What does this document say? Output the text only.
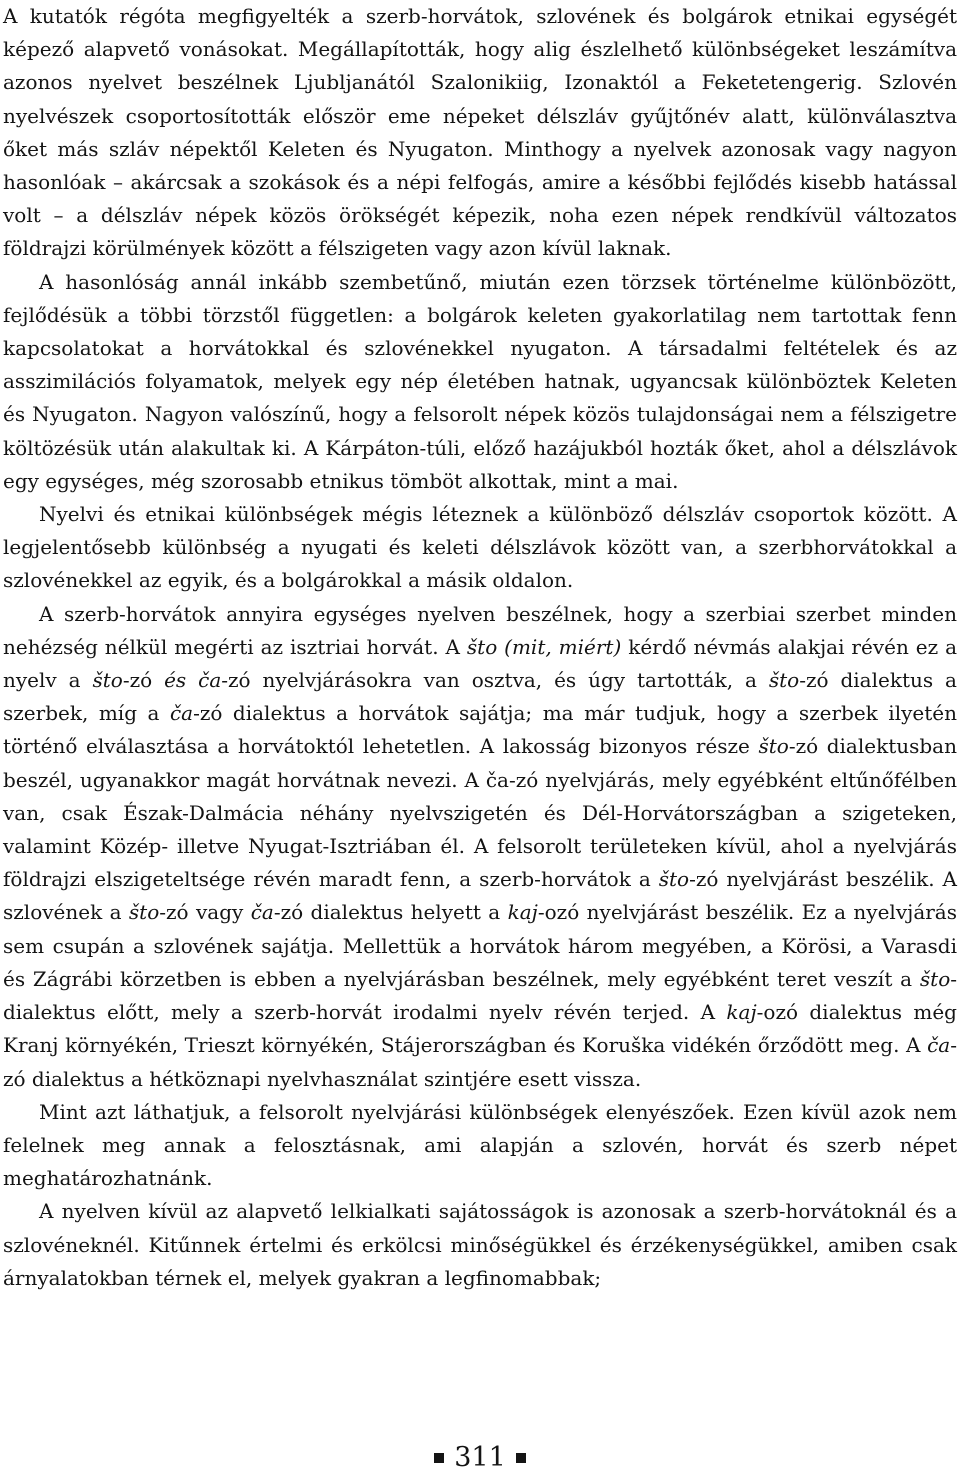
A kutatók régóta megfigyelték a szerb-horvátok, szlovének és bolgárok etnikai egységét képező alapvető vonásokat. Megállapították, hogy alig észlelhető különbségeket leszámítva azonos nyelvet beszélnek Ljubljanától Szalonikiig, Izonaktól a Feketetengerig. Szlovén nyelvészek csoportosították először eme népeket délszláv gyűjtőnév alatt, különválasztva őket más szláv népektől Keleten és Nyugaton. Minthogy a nyelvek azonosak vagy nagyon hasonlóak – akárcsak a szokások és a népi felfogás, amire a későbbi fejlődés kisebb hatással volt – a délszláv népek közös örökségét képezik, noha ezen népek rendkívül változatos földrajzi körülmények között a félszigeten vagy azon kívül laknak.

A hasonlóság annál inkább szembetűnő, miután ezen törzsek történelme különbözött, fejlődésük a többi törzstől független: a bolgárok keleten gyakorlatilag nem tartottak fenn kapcsolatokat a horvátokkal és szlovénekkel nyugaton. A társadalmi feltételek és az asszimilációs folyamatok, melyek egy nép életében hatnak, ugyancsak különböztek Keleten és Nyugaton. Nagyon valószínű, hogy a felsorolt népek közös tulajdonságai nem a félszigetre költözésük után alakultak ki. A Kárpáton-túli, előző hazájukból hozták őket, ahol a délszlávok egy egységes, még szorosabb etnikus tömböt alkottak, mint a mai.

Nyelvi és etnikai különbségek mégis léteznek a különböző délszláv csoportok között. A legjelentősebb különbség a nyugati és keleti délszlávok között van, a szerbhorvátokkal a szlovénekkel az egyik, és a bolgárokkal a másik oldalon.

A szerb-horvátok annyira egységes nyelven beszélnek, hogy a szerbiai szerbet minden nehézség nélkül megérti az isztriai horvát. A što (mit, miért) kérdő névmás alakjai révén ez a nyelv a što-zó és ča-zó nyelvjárásokra van osztva, és úgy tartották, a što-zó dialektus a szerbek, míg a ča-zó dialektus a horvátok sajátja; ma már tudjuk, hogy a szerbek ilyetén történő elválasztása a horvátoktól lehetetlen. A lakosság bizonyos része što-zó dialektusban beszél, ugyanakkor magát horvátnak nevezi. A ča-zó nyelvjárás, mely egyébként eltűnőfélben van, csak Észak-Dalmácia néhány nyelvszigetén és Dél-Horvátországban a szigeteken, valamint Közép- illetve Nyugat-Isztriában él. A felsorolt területeken kívül, ahol a nyelvjárás földrajzi elszigeteltsége révén maradt fenn, a szerb-horvátok a što-zó nyelvjárást beszélik. A szlovének a što-zó vagy ča-zó dialektus helyett a kaj-ozó nyelvjárást beszélik. Ez a nyelvjárás sem csupán a szlovének sajátja. Mellettük a horvátok három megyében, a Körösi, a Varasdi és Zágrábi körzetben is ebben a nyelvjárásban beszélnek, mely egyébként teret veszít a što-dialektus előtt, mely a szerb-horvát irodalmi nyelv révén terjed. A kaj-ozó dialektus még Kranj környékén, Trieszt környékén, Stájerországban és Koruška vidékén őrződött meg. A ča-zó dialektus a hétköznapi nyelvhasználat szintjére esett vissza.

Mint azt láthatjuk, a felsorolt nyelvjárási különbségek elenyészőek. Ezen kívül azok nem felelnek meg annak a felosztásnak, ami alapján a szlovén, horvát és szerb népet meghatározhatnánk.

A nyelven kívül az alapvető lelkialkati sajátosságok is azonosak a szerb-horvátoknál és a szlovéneknél. Kitűnnek értelmi és erkölcsi minőségükkel és érzékenységükkel, amiben csak árnyalatokban térnek el, melyek gyakran a legfinomabbak;

311
